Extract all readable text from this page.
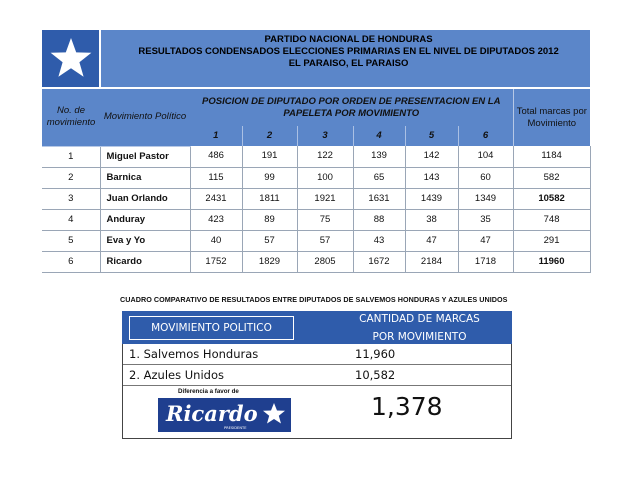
PARTIDO NACIONAL DE HONDURAS
RESULTADOS CONDENSADOS ELECCIONES PRIMARIAS EN EL NIVEL DE DIPUTADOS 2012
EL PARAISO, EL PARAISO							

No. de movimiento	Movimiento Político	POSICION DE DIPUTADO POR ORDEN DE PRESENTACION EN LA PAPELETA POR MOVIMIENTO						Total marcas por Movimiento
		1	2	3	4	5	6	
1	Miguel Pastor	486	191	122	139	142	104	1184
2	Barnica	115	99	100	65	143	60	582
3	Juan Orlando	2431	1811	1921	1631	1439	1349	10582
4	Anduray	423	89	75	88	38	35	748
5	Eva y Yo	40	57	57	43	47	47	291
6	Ricardo	1752	1829	2805	1672	2184	1718	11960
CUADRO COMPARATIVO DE RESULTADOS ENTRE DIPUTADOS DE SALVEMOS HONDURAS Y AZULES UNIDOS
MOVIMIENTO POLITICO
CANTIDAD DE MARCAS
POR MOVIMIENTO
1. Salvemos Honduras	11,960
2. Azules Unidos	10,582
Diferencia a favor de
Ricardo
PRESIDENTE
1,378
